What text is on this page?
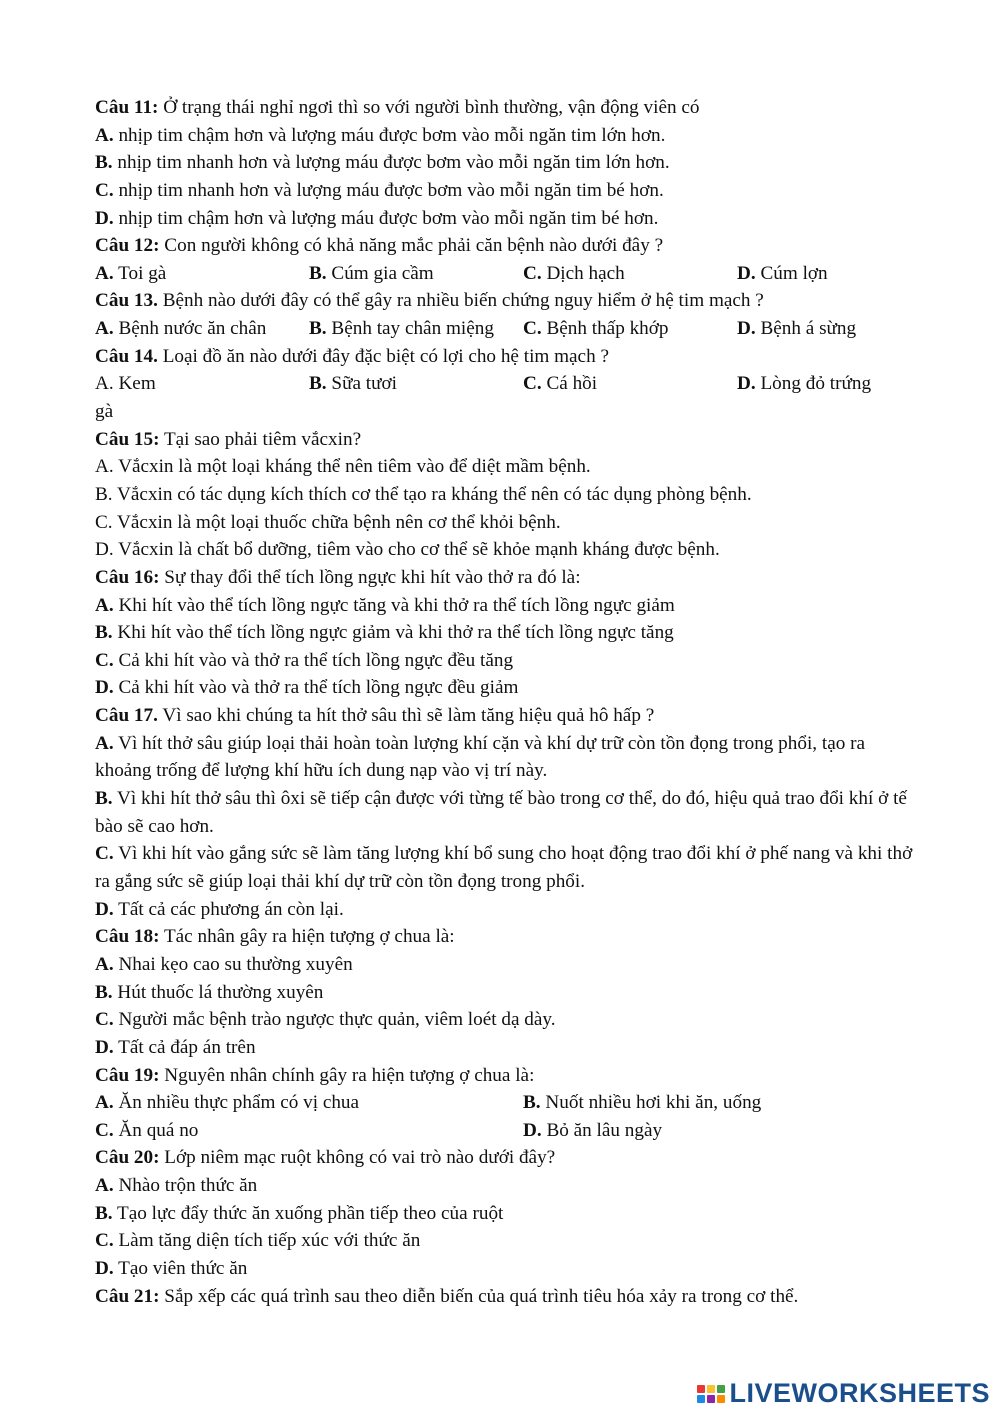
Câu 11: Ở trạng thái nghỉ ngơi thì so với người bình thường, vận động viên có
A. nhịp tim chậm hơn và lượng máu được bơm vào mỗi ngăn tim lớn hơn.
B. nhịp tim nhanh hơn và lượng máu được bơm vào mỗi ngăn tim lớn hơn.
C. nhịp tim nhanh hơn và lượng máu được bơm vào mỗi ngăn tim bé hơn.
D. nhịp tim chậm hơn và lượng máu được bơm vào mỗi ngăn tim bé hơn.
Câu 12: Con người không có khả năng mắc phải căn bệnh nào dưới đây ?
A. Toi gà	B. Cúm gia cầm	C. Dịch hạch	D. Cúm lợn
Câu 13. Bệnh nào dưới đây có thể gây ra nhiều biến chứng nguy hiểm ở hệ tim mạch ?
A. Bệnh nước ăn chân	B. Bệnh tay chân miệng	C. Bệnh thấp khớp	D. Bệnh á sừng
Câu 14. Loại đồ ăn nào dưới đây đặc biệt có lợi cho hệ tim mạch ?
A. Kem	B. Sữa tươi	C. Cá hồi	D. Lòng đỏ trứng
gà
Câu 15: Tại sao phải tiêm vắcxin?
A. Vắcxin là một loại kháng thể nên tiêm vào để diệt mầm bệnh.
B. Vắcxin có tác dụng kích thích cơ thể tạo ra kháng thể nên có tác dụng phòng bệnh.
C. Vắcxin là một loại thuốc chữa bệnh nên cơ thể khỏi bệnh.
D. Vắcxin là chất bổ dưỡng, tiêm vào cho cơ thể sẽ khỏe mạnh kháng được bệnh.
Câu 16: Sự thay đổi thể tích lồng ngực khi hít vào thở ra đó là:
A. Khi hít vào thể tích lồng ngực tăng và khi thở ra thể tích lồng ngực giảm
B. Khi hít vào thể tích lồng ngực giảm và khi thở ra thể tích lồng ngực tăng
C. Cả khi hít vào và thở ra thể tích lồng ngực đều tăng
D. Cả khi hít vào và thở ra thể tích lồng ngực đều giảm
Câu 17. Vì sao khi chúng ta hít thở sâu thì sẽ làm tăng hiệu quả hô hấp ?
A. Vì hít thở sâu giúp loại thải hoàn toàn lượng khí cặn và khí dự trữ còn tồn đọng trong phổi, tạo ra khoảng trống để lượng khí hữu ích dung nạp vào vị trí này.
B. Vì khi hít thở sâu thì ôxi sẽ tiếp cận được với từng tế bào trong cơ thể, do đó, hiệu quả trao đổi khí ở tế bào sẽ cao hơn.
C. Vì khi hít vào gắng sức sẽ làm tăng lượng khí bổ sung cho hoạt động trao đổi khí ở phế nang và khi thở ra gắng sức sẽ giúp loại thải khí dự trữ còn tồn đọng trong phổi.
D. Tất cả các phương án còn lại.
Câu 18: Tác nhân gây ra hiện tượng ợ chua là:
A. Nhai kẹo cao su thường xuyên
B. Hút thuốc lá thường xuyên
C. Người mắc bệnh trào ngược thực quản, viêm loét dạ dày.
D. Tất cả đáp án trên
Câu 19: Nguyên nhân chính gây ra hiện tượng ợ chua là:
A. Ăn nhiều thực phẩm có vị chua	B. Nuốt nhiều hơi khi ăn, uống
C. Ăn quá no	D. Bỏ ăn lâu ngày
Câu 20: Lớp niêm mạc ruột không có vai trò nào dưới đây?
A. Nhào trộn thức ăn
B. Tạo lực đẩy thức ăn xuống phần tiếp theo của ruột
C. Làm tăng diện tích tiếp xúc với thức ăn
D. Tạo viên thức ăn
Câu 21: Sắp xếp các quá trình sau theo diễn biến của quá trình tiêu hóa xảy ra trong cơ thể.
LIVEWORKSHEETS
